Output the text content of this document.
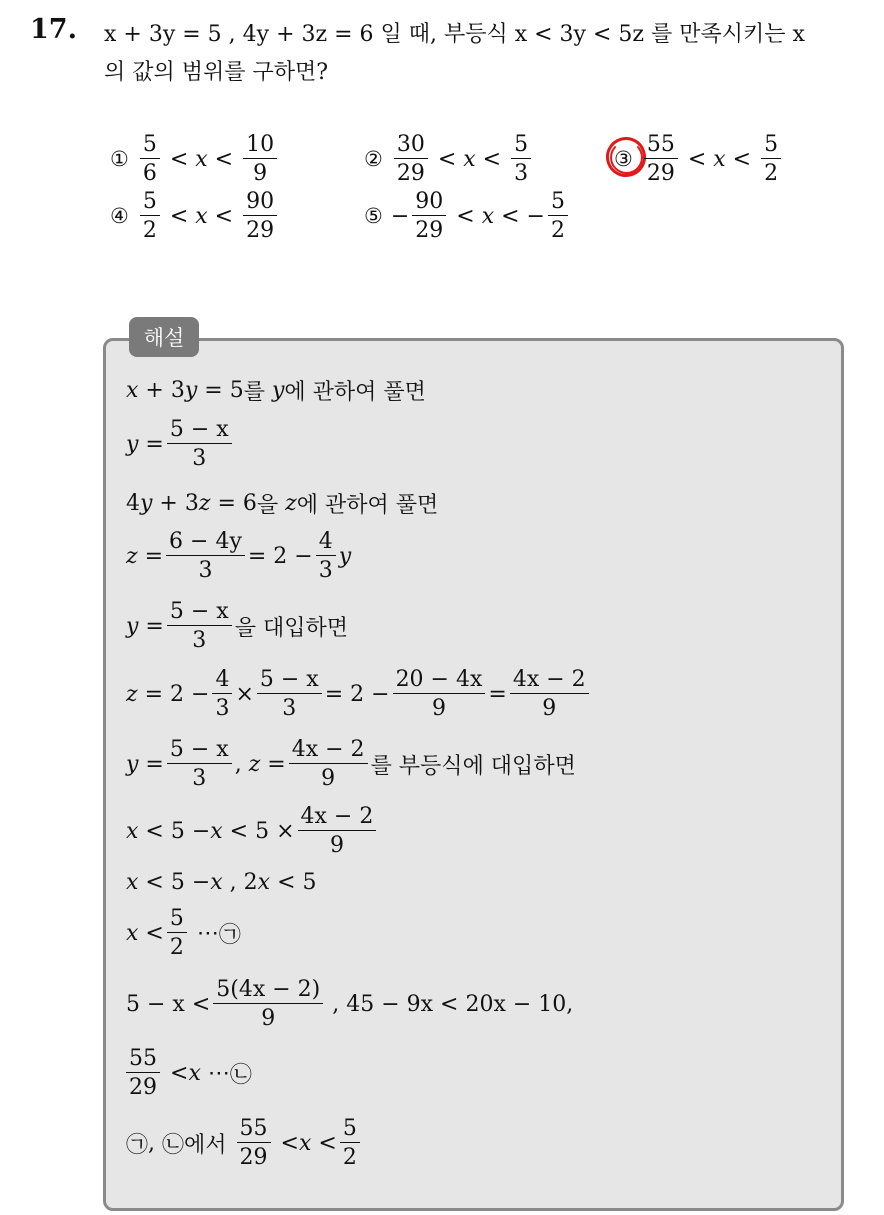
17. x + 3y = 5 , 4y + 3z = 6 일 때, 부등식 x < 3y < 5z 를 만족시키는 x
의 값의 범위를 구하면?
① $\frac{5}{6} < x < \frac{10}{9}$	② $\frac{30}{29} < x < \frac{5}{3}$	③ $\frac{55}{29} < x < \frac{5}{2}$
④ $\frac{5}{2} < x < \frac{90}{29}$	⑤ − $\frac{90}{29} < x$ < − $\frac{5}{2}$
해설
x + 3 y = 5 를
y 에 관하여 풀면
$y = \frac{5 - x}{3}$
4 y + 3 z = 6 을
z 에 관하여 풀면
$z = \frac{6 - 4y}{3} = 2 - \frac{4}{3}$ y
$y = \frac{5 - x}{3}$ 을 대입하면
$z = 2 - \frac{4}{3} \times \frac{5 - x}{3} = 2 - \frac{20 - 4x}{9} = \frac{4x - 2}{9}$
$y = \frac{5 - x}{3}$ , $z = \frac{4x - 2}{9}$ 를 부등식에 대입하면
$x < 5 - x < 5 \times \frac{4x - 2}{9}$
x < 5 − x , 2 x < 5
$x < \frac{5}{2}$ ⋯ ㉠
$5 - x < \frac{5(4x - 2)}{9}$ , 45 − 9x < 20x − 10,
$\frac{55}{29} < x$ ⋯ ㉡
㉠ , ㉡ 에서
$\frac{55}{29} < x < \frac{5}{2}$
